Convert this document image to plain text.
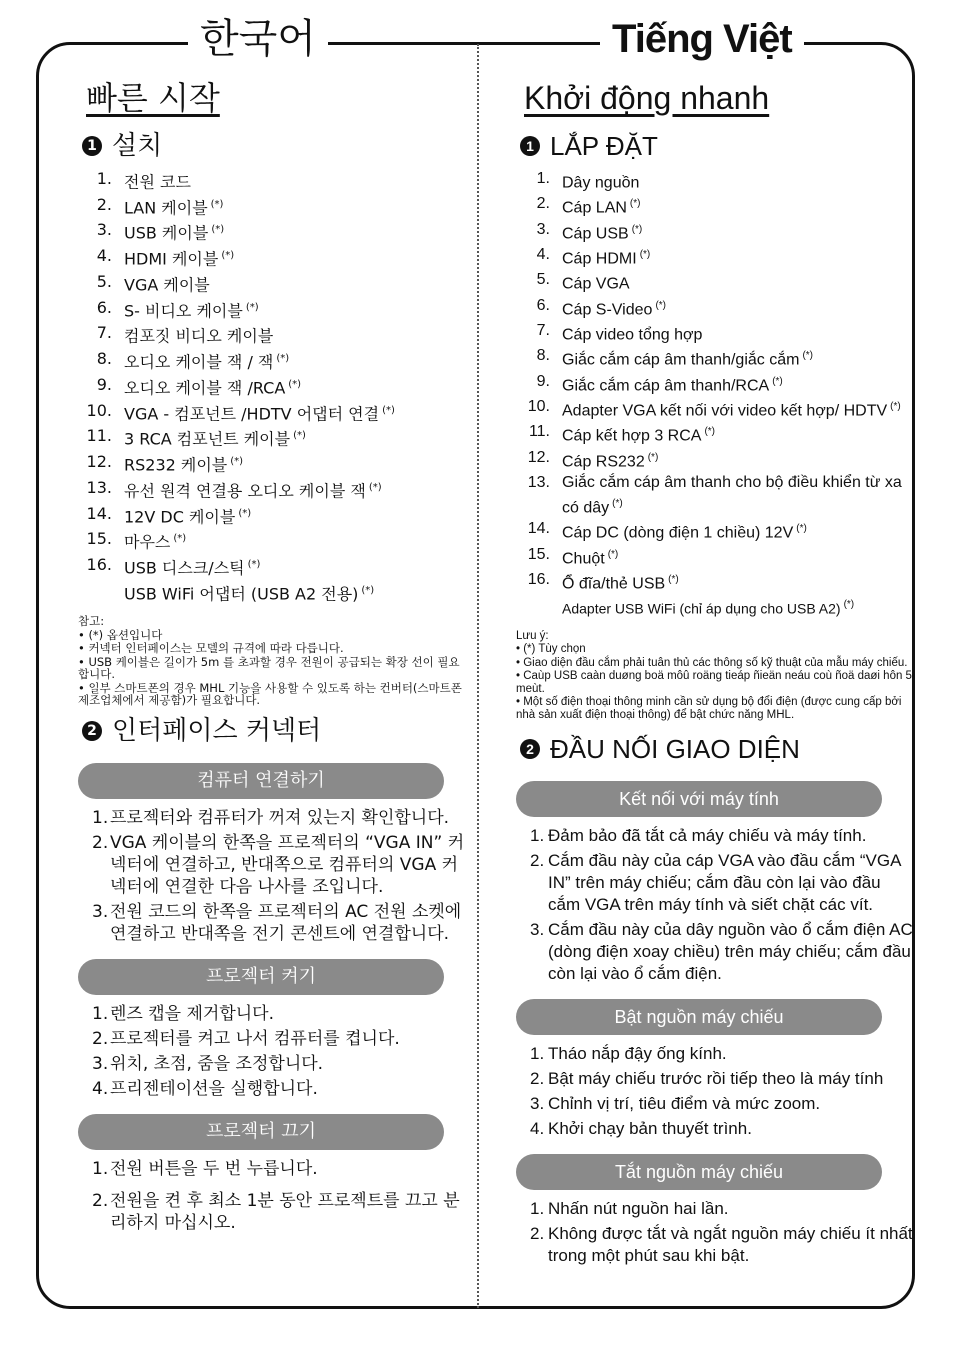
한국어	Tiếng Việt
빠른 시작
1 설치
1. 전원 코드
2. LAN 케이블 (*)
3. USB 케이블 (*)
4. HDMI 케이블 (*)
5. VGA 케이블
6. S- 비디오 케이블 (*)
7. 컴포짓 비디오 케이블
8. 오디오 케이블 잭 / 잭 (*)
9. 오디오 케이블 잭 /RCA (*)
10. VGA - 컴포넌트 /HDTV 어댑터 연결 (*)
11. 3 RCA 컴포넌트 케이블 (*)
12. RS232 케이블 (*)
13. 유선 원격 연결용 오디오 케이블 잭 (*)
14. 12V DC 케이블 (*)
15. 마우스 (*)
16. USB 디스크/스틱 (*)
USB WiFi 어댑터 (USB A2 전용) (*)
참고:
• (*) 옵션입니다
• 커넥터 인터페이스는 모델의 규격에 따라 다릅니다.
• USB 케이블은 길이가 5m 를 초과할 경우 전원이 공급되는 확장 선이 필요합니다.
• 일부 스마트폰의 경우 MHL 기능을 사용할 수 있도록 하는 컨버터(스마트폰 제조업체에서 제공함)가 필요합니다.
2 인터페이스 커넥터
컴퓨터 연결하기
1. 프로젝터와 컴퓨터가 꺼져 있는지 확인합니다.
2. VGA 케이블의 한쪽을 프로젝터의 “VGA IN” 커넥터에 연결하고, 반대쪽으로 컴퓨터의 VGA 커넥터에 연결한 다음 나사를 조입니다.
3. 전원 코드의 한쪽을 프로젝터의 AC 전원 소켓에 연결하고 반대쪽을 전기 콘센트에 연결합니다.
프로젝터 켜기
1. 렌즈 캡을 제거합니다.
2. 프로젝터를 켜고 나서 컴퓨터를 켭니다.
3. 위치, 초점, 줌을 조정합니다.
4. 프리젠테이션을 실행합니다.
프로젝터 끄기
1. 전원 버튼을 두 번 누릅니다.
2. 전원을 켠 후 최소 1분 동안 프로젝트를 끄고 분리하지 마십시오.
Khởi động nhanh
1 LẮP ĐẶT
1. Dây nguồn
2. Cáp LAN (*)
3. Cáp USB (*)
4. Cáp HDMI (*)
5. Cáp VGA
6. Cáp S-Video (*)
7. Cáp video tổng hợp
8. Giắc cắm cáp âm thanh/giắc cắm (*)
9. Giắc cắm cáp âm thanh/RCA (*)
10. Adapter VGA kết nối với video kết hợp/ HDTV (*)
11. Cáp kết hợp 3 RCA (*)
12. Cáp RS232 (*)
13. Giắc cắm cáp âm thanh cho bộ điều khiển từ xa có dây (*)
14. Cáp DC (dòng điện 1 chiều) 12V (*)
15. Chuột (*)
16. Ổ đĩa/thẻ USB (*)
Adapter USB WiFi (chỉ áp dụng cho USB A2) (*)
Lưu ý:
• (*) Tùy chọn
• Giao diện đầu cắm phải tuân thủ các thông số kỹ thuật của mẫu máy chiếu.
• Caùp USB caàn duøng boä môû roäng tieáp ñieän neáu coù ñoä daøi hôn 5 meùt.
• Một số điện thoại thông minh cần sử dụng bộ đổi điện (được cung cấp bởi nhà sản xuất điện thoại thông) để bật chức năng MHL.
2 ĐẦU NỐI GIAO DIỆN
Kết nối với máy tính
1. Đảm bảo đã tắt cả máy chiếu và máy tính.
2. Cắm đầu này của cáp VGA vào đầu cắm “VGA IN” trên máy chiếu; cắm đầu còn lại vào đầu cắm VGA trên máy tính và siết chặt các vít.
3. Cắm đầu này của dây nguồn vào ổ cắm điện AC (dòng điện xoay chiều) trên máy chiếu; cắm đầu còn lại vào ổ cắm điện.
Bật nguồn máy chiếu
1. Tháo nắp đậy ống kính.
2. Bật máy chiếu trước rồi tiếp theo là máy tính
3. Chỉnh vị trí, tiêu điểm và mức zoom.
4. Khởi chạy bản thuyết trình.
Tắt nguồn máy chiếu
1. Nhấn nút nguồn hai lần.
2. Không được tắt và ngắt nguồn máy chiếu ít nhất trong một phút sau khi bật.
